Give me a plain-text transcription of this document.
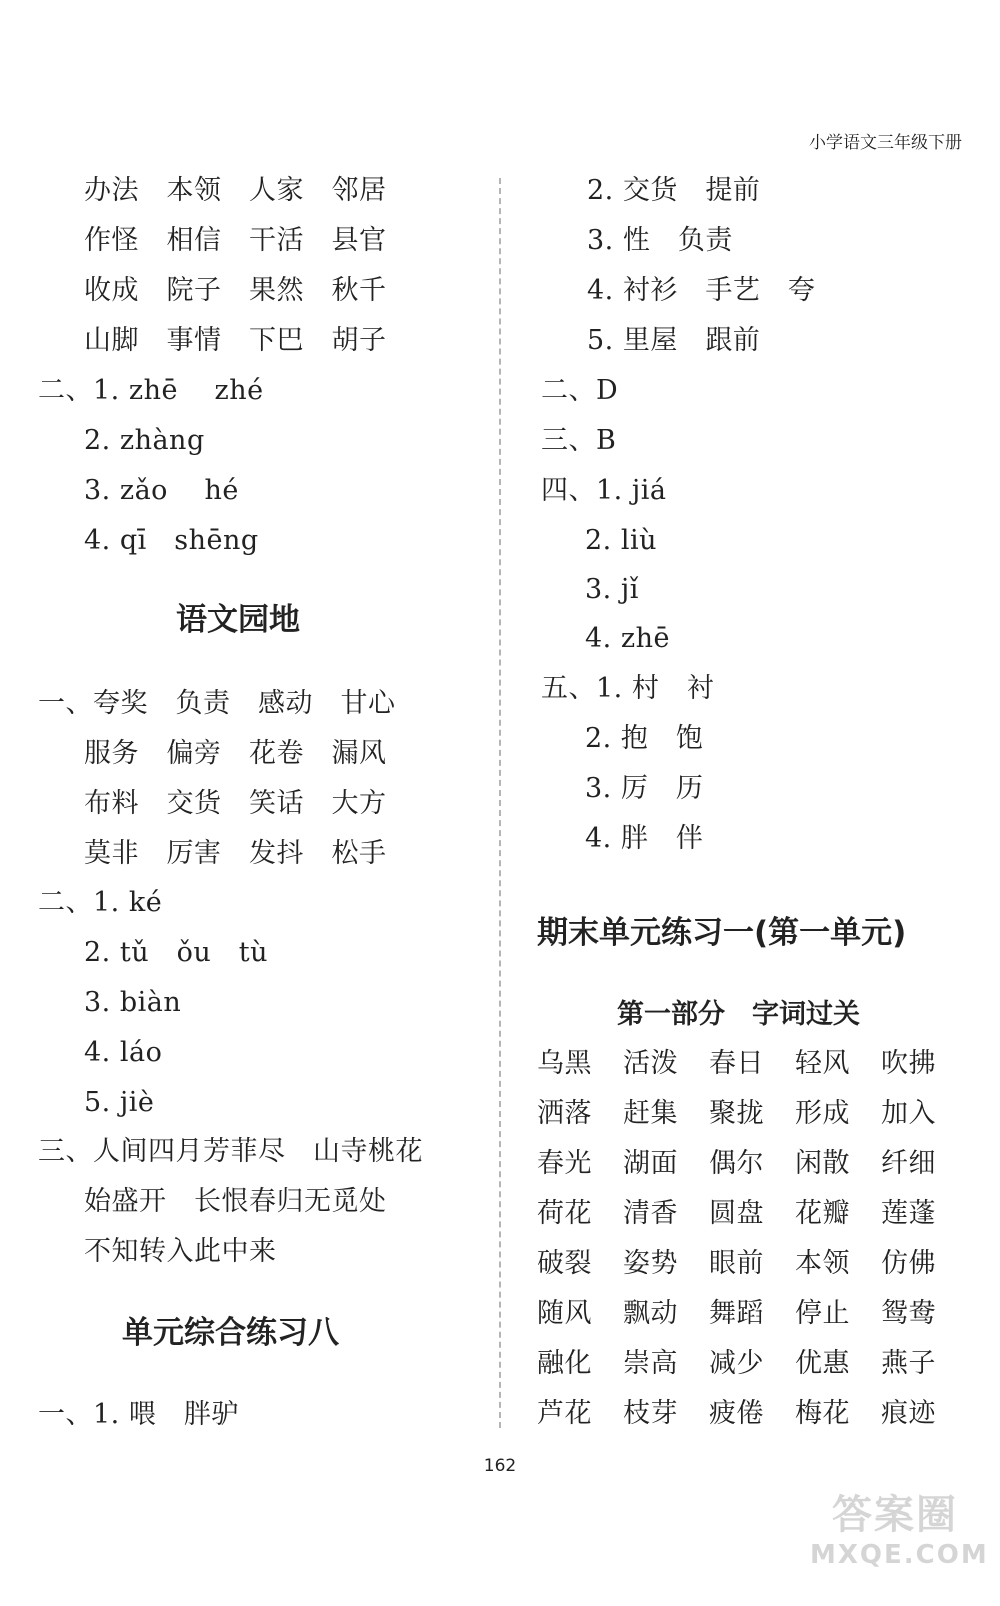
小学语文三年级下册
办法　本领　人家　邻居
作怪　相信　干活　县官
收成　院子　果然　秋千
山脚　事情　下巴　胡子
二、1. zhē　 zhé
2. zhàng
3. zǎo　 hé
4. qī　shēng
语文园地
一、夸奖　负责　感动　甘心
服务　偏旁　花卷　漏风
布料　交货　笑话　大方
莫非　厉害　发抖　松手
二、1. ké
2. tǔ　ǒu　tù
3. biàn
4. láo
5. jiè
三、人间四月芳菲尽　山寺桃花
始盛开　长恨春归无觅处
不知转入此中来
单元综合练习八
一、1. 喂　胖驴
2. 交货　提前
3. 性　负责
4. 衬衫　手艺　夸
5. 里屋　跟前
二、D
三、B
四、1. jiá
2. liù
3. jǐ
4. zhē
五、1. 村　衬
2. 抱　饱
3. 厉　历
4. 胖　伴
期末单元练习一(第一单元)
第一部分　字词过关
乌黑 活泼 春日 轻风 吹拂
洒落 赶集 聚拢 形成 加入
春光 湖面 偶尔 闲散 纤细
荷花 清香 圆盘 花瓣 莲蓬
破裂 姿势 眼前 本领 仿佛
随风 飘动 舞蹈 停止 鸳鸯
融化 崇高 减少 优惠 燕子
芦花 枝芽 疲倦 梅花 痕迹
162
答案圈
MXQE.COM
